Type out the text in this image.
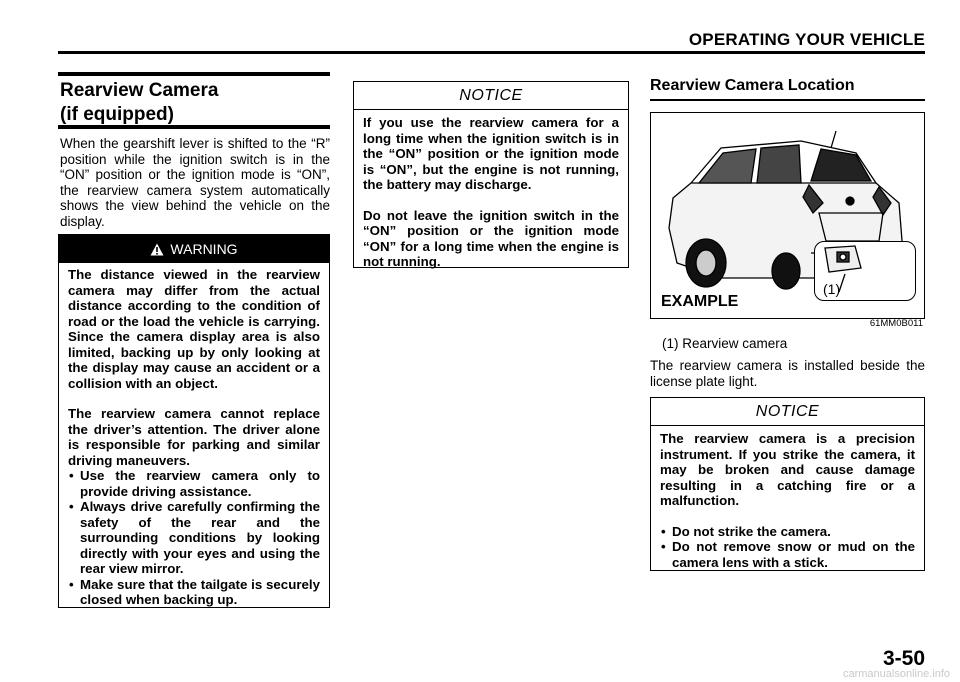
OPERATING YOUR VEHICLE
Rearview Camera
(if equipped)
When the gearshift lever is shifted to the “R” position while the ignition switch is in the “ON” position or the ignition mode is “ON”, the rearview camera system automatically shows the view behind the vehicle on the display.
WARNING

The distance viewed in the rearview camera may differ from the actual distance according to the condition of road or the load the vehicle is carrying. Since the camera display area is also limited, backing up by only looking at the display may cause an accident or a collision with an object.

The rearview camera cannot replace the driver’s attention. The driver alone is responsible for parking and similar driving maneuvers.

• Use the rearview camera only to provide driving assistance.
• Always drive carefully confirming the safety of the rear and the surrounding conditions by looking directly with your eyes and using the rear view mirror.
• Make sure that the tailgate is securely closed when backing up.
NOTICE

If you use the rearview camera for a long time when the ignition switch is in the “ON” position or the ignition mode is “ON”, but the engine is not running, the battery may discharge.

Do not leave the ignition switch in the “ON” position or the ignition mode “ON” for a long time when the engine is not running.

Rearview Camera Location
(1)
EXAMPLE
61MM0B011
(1) Rearview camera
The rearview camera is installed beside the license plate light.
NOTICE

The rearview camera is a precision instrument. If you strike the camera, it may be broken and cause damage resulting in a catching fire or a malfunction.

• Do not strike the camera.
• Do not remove snow or mud on the camera lens with a stick.
3-50
carmanualsonline.info
